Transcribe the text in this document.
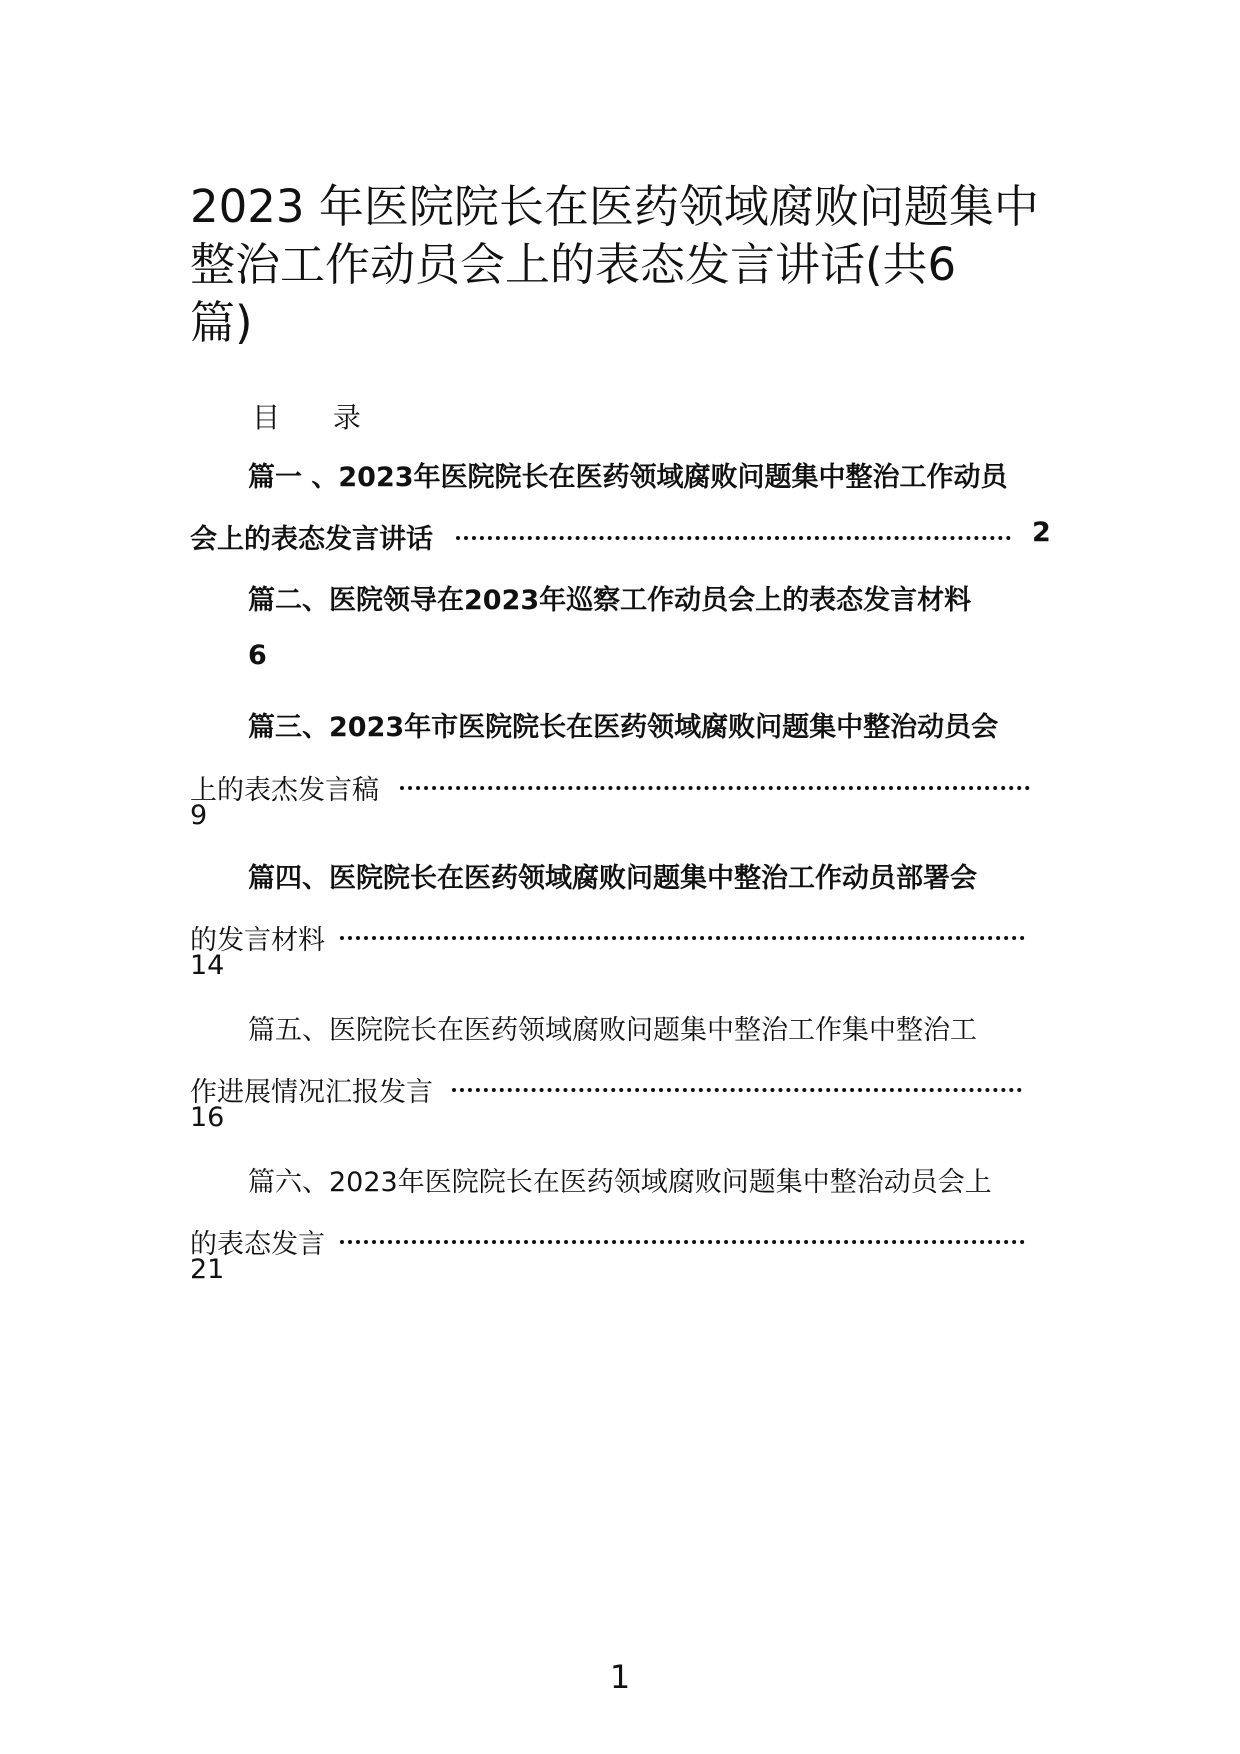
2023 年医院院长在医药领域腐败问题集中
整治工作动员会上的表态发言讲话(共6
篇)
目 录
篇一 、2023年医院院长在医药领域腐败问题集中整治工作动员
会上的表态发言讲话	2
篇二、医院领导在2023年巡察工作动员会上的表态发言材料
6
篇三、2023年市医院院长在医药领域腐败问题集中整治动员会
上的表杰发言稿
9
篇四、医院院长在医药领域腐败问题集中整治工作动员部署会
的发言材料
14
篇五、医院院长在医药领域腐败问题集中整治工作集中整治工
作进展情况汇报发言
16
篇六、2023年医院院长在医药领域腐败问题集中整治动员会上
的表态发言
21
1
